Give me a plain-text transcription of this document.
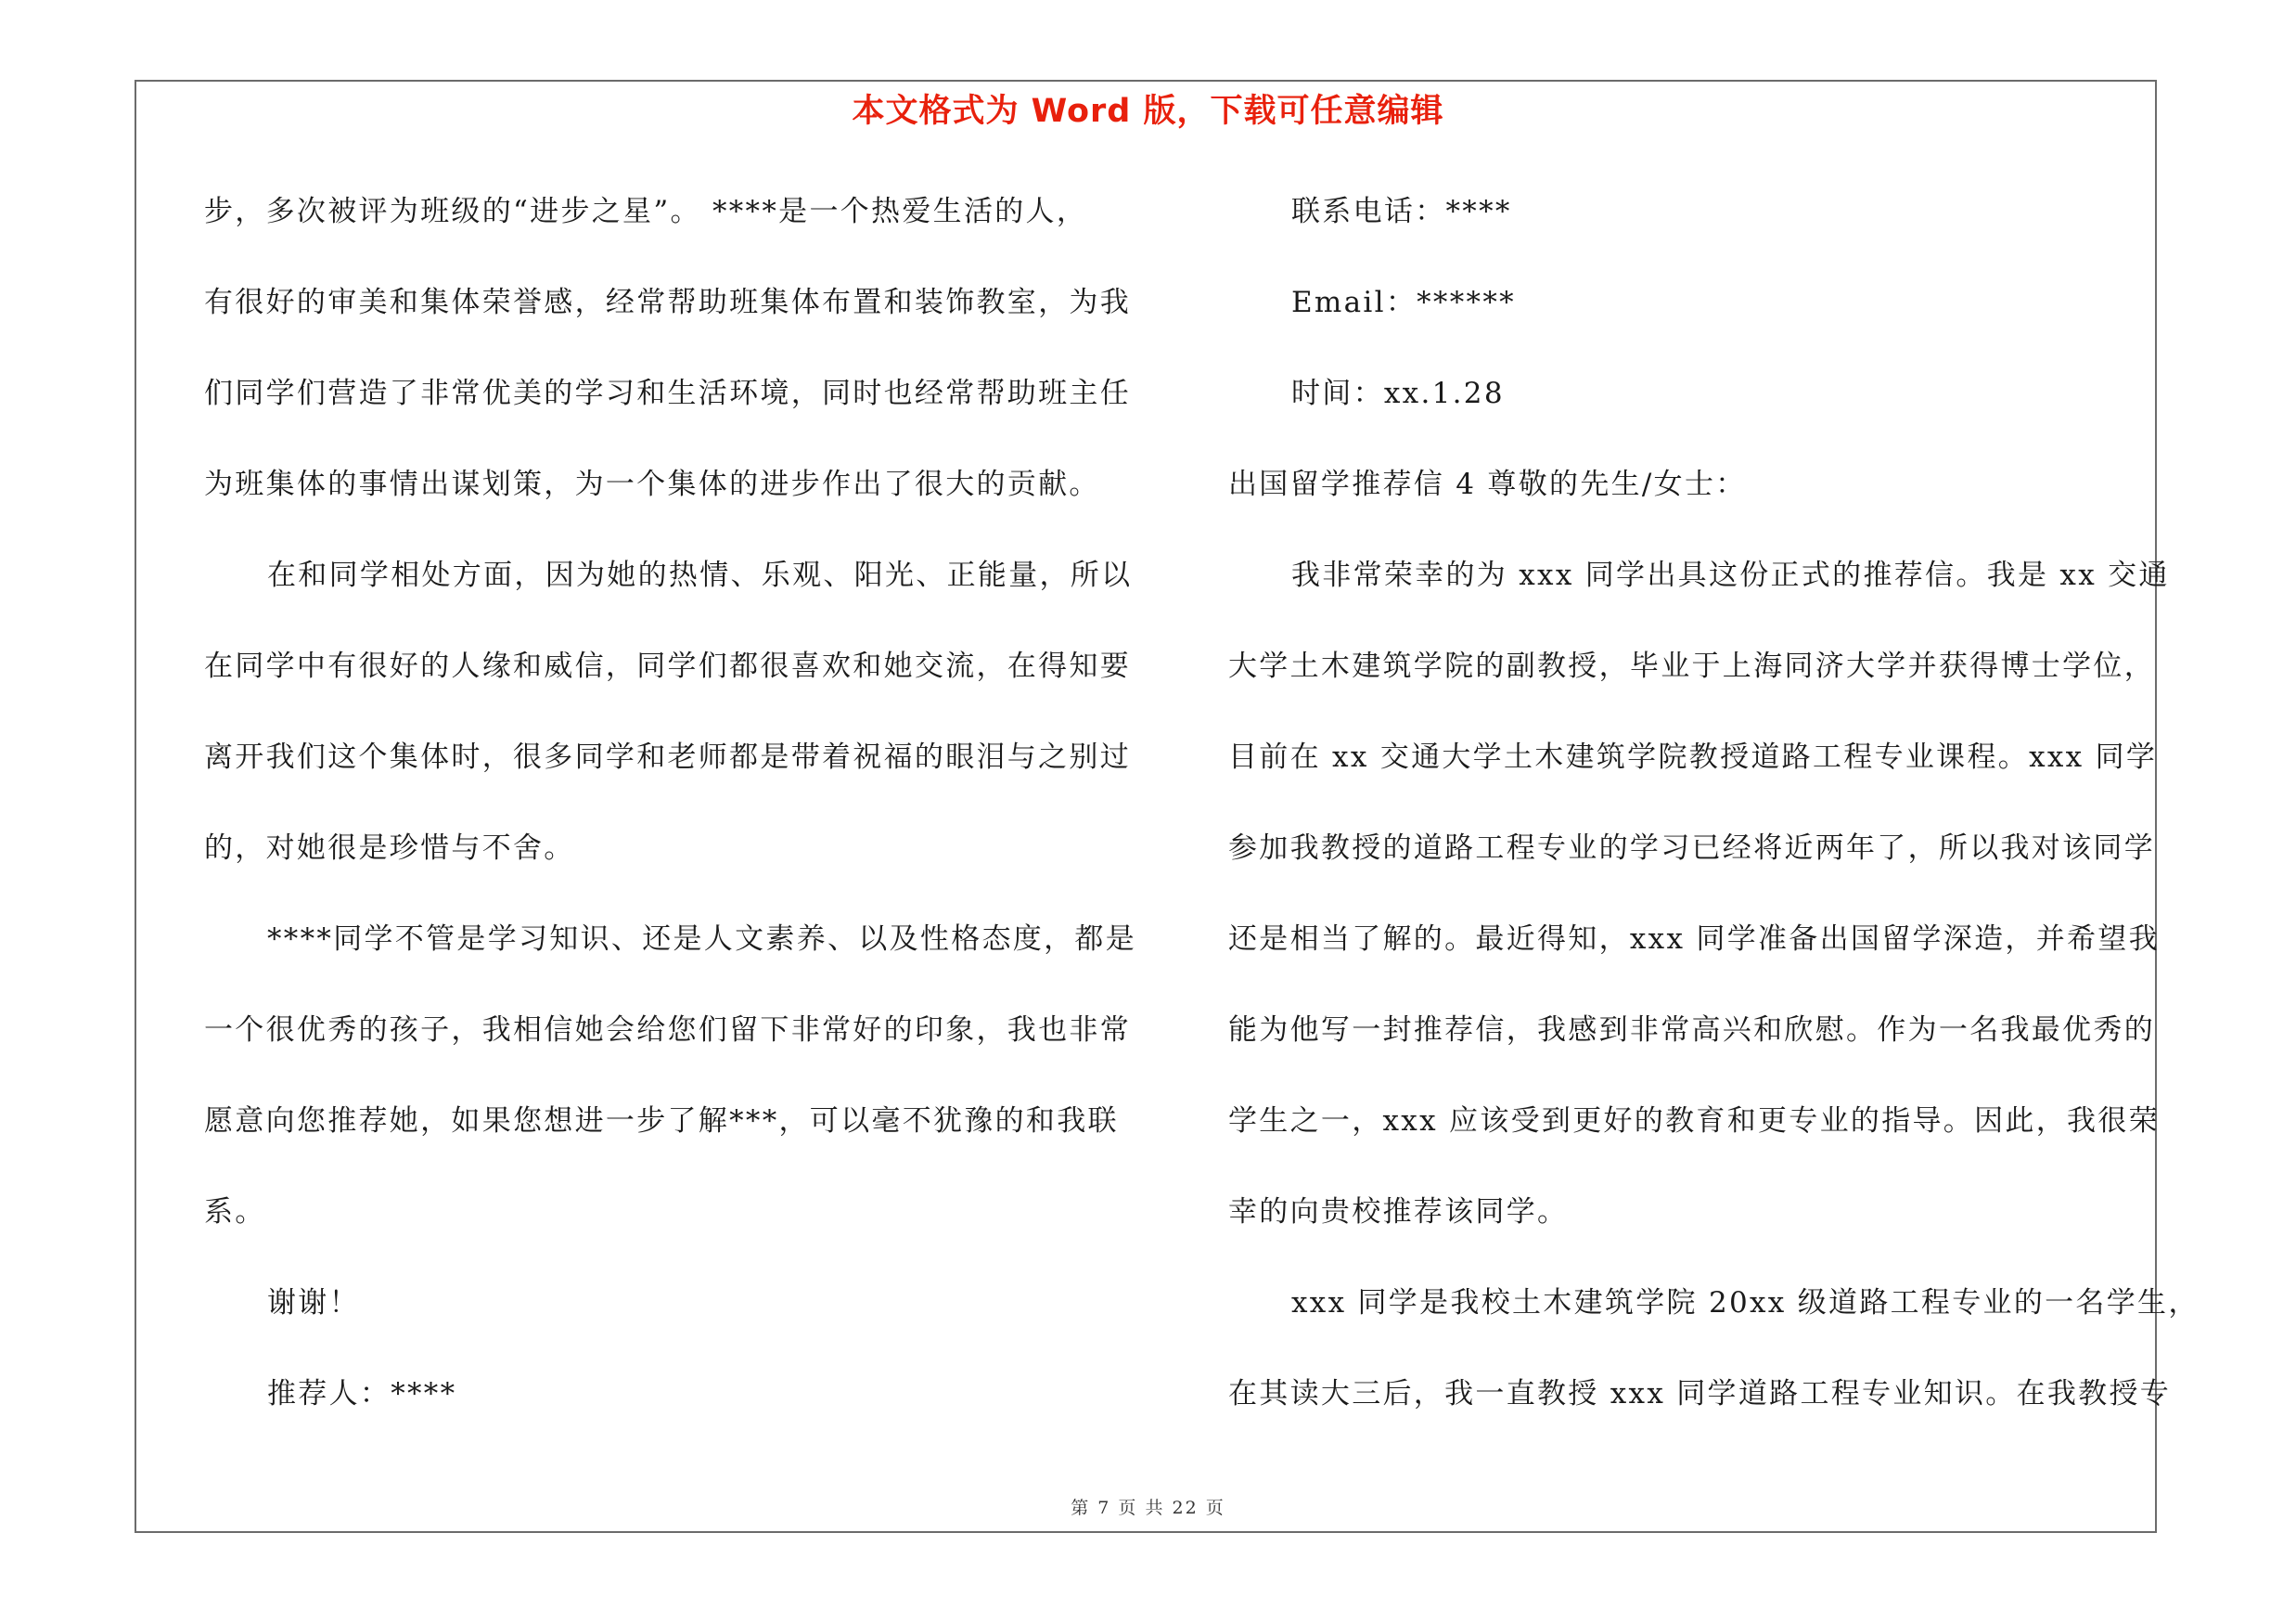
本文格式为 Word 版，下载可任意编辑
步，多次被评为班级的“进步之星”。 ****是一个热爱生活的人，
有很好的审美和集体荣誉感，经常帮助班集体布置和装饰教室，为我
们同学们营造了非常优美的学习和生活环境，同时也经常帮助班主任
为班集体的事情出谋划策，为一个集体的进步作出了很大的贡献。
在和同学相处方面，因为她的热情、乐观、阳光、正能量，所以
在同学中有很好的人缘和威信，同学们都很喜欢和她交流，在得知要
离开我们这个集体时，很多同学和老师都是带着祝福的眼泪与之别过
的，对她很是珍惜与不舍。
****同学不管是学习知识、还是人文素养、以及性格态度，都是
一个很优秀的孩子，我相信她会给您们留下非常好的印象，我也非常
愿意向您推荐她，如果您想进一步了解***，可以毫不犹豫的和我联
系。
谢谢！
推荐人：****
联系电话：****
Email：******
时间：xx.1.28
出国留学推荐信 4 尊敬的先生/女士：
我非常荣幸的为 xxx 同学出具这份正式的推荐信。我是 xx 交通
大学土木建筑学院的副教授，毕业于上海同济大学并获得博士学位，
目前在 xx 交通大学土木建筑学院教授道路工程专业课程。xxx 同学
参加我教授的道路工程专业的学习已经将近两年了，所以我对该同学
还是相当了解的。最近得知，xxx 同学准备出国留学深造，并希望我
能为他写一封推荐信，我感到非常高兴和欣慰。作为一名我最优秀的
学生之一，xxx 应该受到更好的教育和更专业的指导。因此，我很荣
幸的向贵校推荐该同学。
xxx 同学是我校土木建筑学院 20xx 级道路工程专业的一名学生，
在其读大三后，我一直教授 xxx 同学道路工程专业知识。在我教授专
第 7 页 共 22 页
